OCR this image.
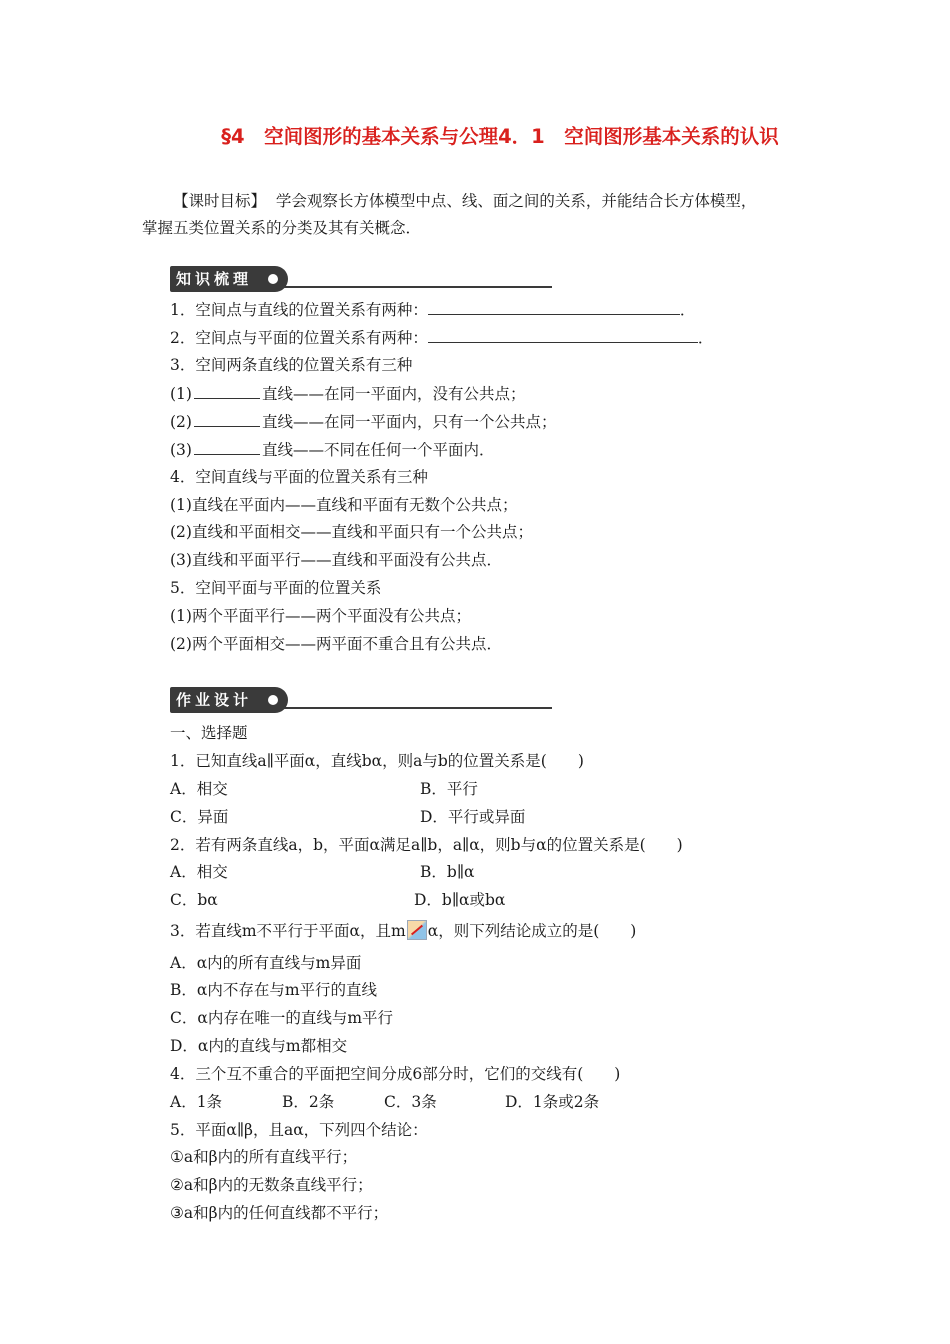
§4　空间图形的基本关系与公理4．1　空间图形基本关系的认识
【课时目标】 学会观察长方体模型中点、线、面之间的关系，并能结合长方体模型，
掌握五类位置关系的分类及其有关概念．
知识梳理
1．空间点与直线的位置关系有两种：	．
2．空间点与平面的位置关系有两种：	．
3．空间两条直线的位置关系有三种
(1)	直线——在同一平面内，没有公共点；
(2)	直线——在同一平面内，只有一个公共点；
(3)	直线——不同在任何一个平面内．
4．空间直线与平面的位置关系有三种
(1)直线在平面内——直线和平面有无数个公共点；
(2)直线和平面相交——直线和平面只有一个公共点；
(3)直线和平面平行——直线和平面没有公共点．
5．空间平面与平面的位置关系
(1)两个平面平行——两个平面没有公共点；
(2)两个平面相交——两平面不重合且有公共点．
作业设计
一、选择题
1．已知直线a∥平面α，直线bα，则a与b的位置关系是(　　)
A．相交	B．平行
C．异面	D．平行或异面
2．若有两条直线a，b，平面α满足a∥b，a∥α，则b与α的位置关系是(　　)
A．相交	B．b∥α
C．bα	D．b∥α或bα
3．若直线m不平行于平面α，且m α，则下列结论成立的是(　　)
A．α内的所有直线与m异面
B．α内不存在与m平行的直线
C．α内存在唯一的直线与m平行
D．α内的直线与m都相交
4．三个互不重合的平面把空间分成6部分时，它们的交线有(　　)
A．1条	B．2条	C．3条	D．1条或2条
5．平面α∥β，且aα，下列四个结论：
①a和β内的所有直线平行；
②a和β内的无数条直线平行；
③a和β内的任何直线都不平行；
